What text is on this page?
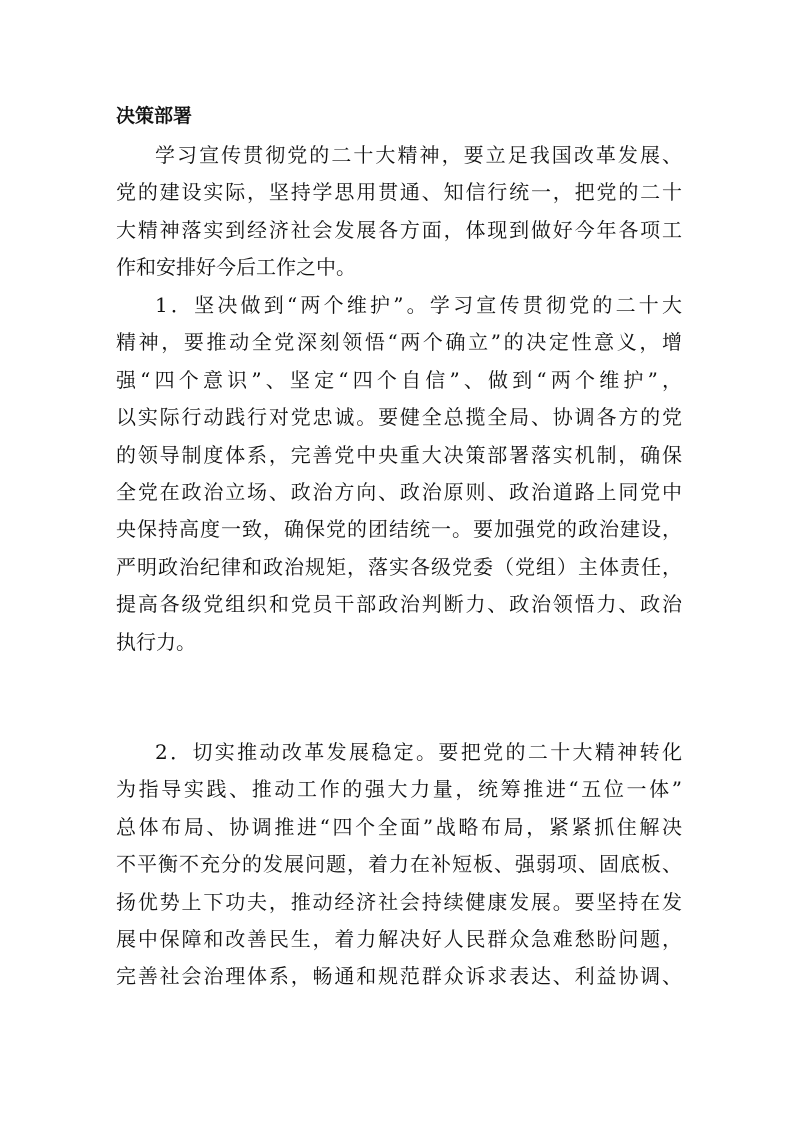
决策部署
学习宣传贯彻党的二十大精神，要立足我国改革发展、
党的建设实际，坚持学思用贯通、知信行统一，把党的二十
大精神落实到经济社会发展各方面，体现到做好今年各项工
作和安排好今后工作之中。
1．坚决做到“两个维护”。学习宣传贯彻党的二十大
精神，要推动全党深刻领悟“两个确立”的决定性意义，增
强“四个意识”、坚定“四个自信”、做到“两个维护”，
以实际行动践行对党忠诚。要健全总揽全局、协调各方的党
的领导制度体系，完善党中央重大决策部署落实机制，确保
全党在政治立场、政治方向、政治原则、政治道路上同党中
央保持高度一致，确保党的团结统一。要加强党的政治建设，
严明政治纪律和政治规矩，落实各级党委（党组）主体责任，
提高各级党组织和党员干部政治判断力、政治领悟力、政治
执行力。
2．切实推动改革发展稳定。要把党的二十大精神转化
为指导实践、推动工作的强大力量，统筹推进“五位一体”
总体布局、协调推进“四个全面”战略布局，紧紧抓住解决
不平衡不充分的发展问题，着力在补短板、强弱项、固底板、
扬优势上下功夫，推动经济社会持续健康发展。要坚持在发
展中保障和改善民生，着力解决好人民群众急难愁盼问题，
完善社会治理体系，畅通和规范群众诉求表达、利益协调、
